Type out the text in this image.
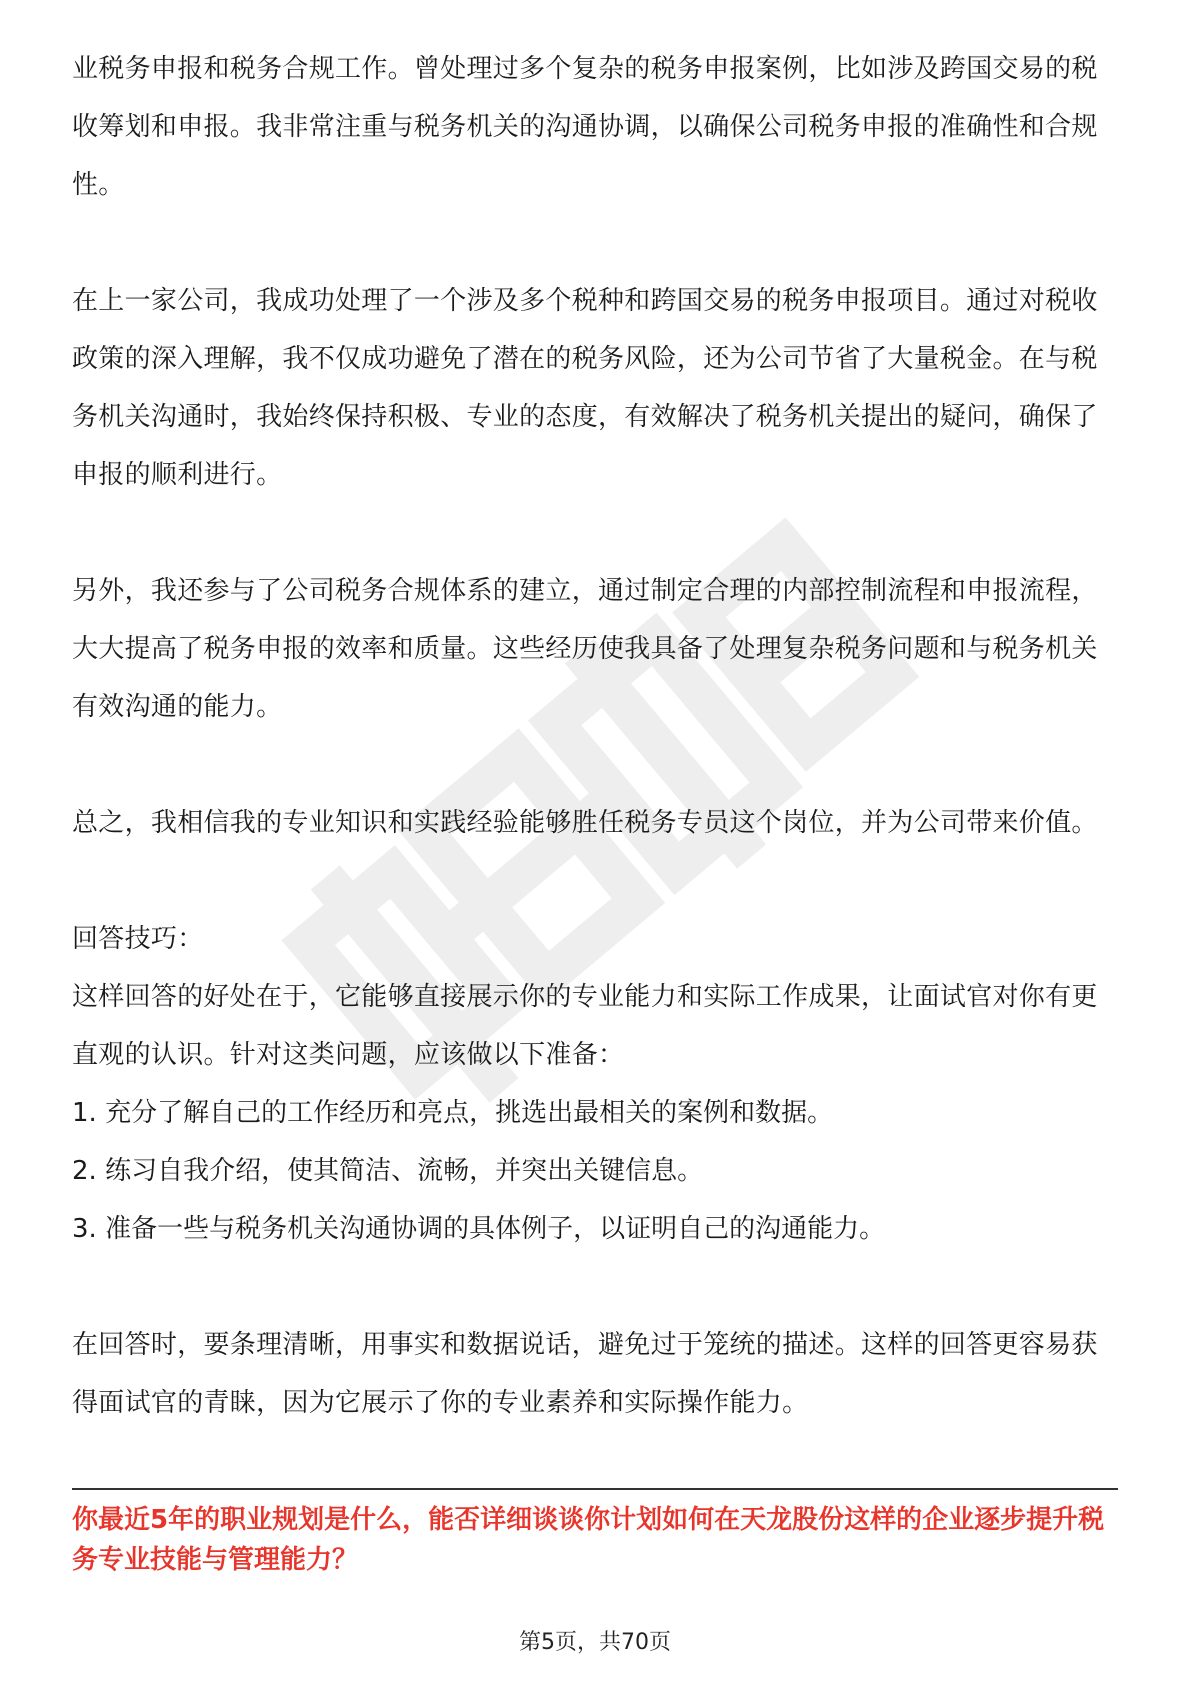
业税务申报和税务合规工作。曾处理过多个复杂的税务申报案例，比如涉及跨国交易的税收筹划和申报。我非常注重与税务机关的沟通协调，以确保公司税务申报的准确性和合规性。

在上一家公司，我成功处理了一个涉及多个税种和跨国交易的税务申报项目。通过对税收政策的深入理解，我不仅成功避免了潜在的税务风险，还为公司节省了大量税金。在与税务机关沟通时，我始终保持积极、专业的态度，有效解决了税务机关提出的疑问，确保了申报的顺利进行。

另外，我还参与了公司税务合规体系的建立，通过制定合理的内部控制流程和申报流程，大大提高了税务申报的效率和质量。这些经历使我具备了处理复杂税务问题和与税务机关有效沟通的能力。

总之，我相信我的专业知识和实践经验能够胜任税务专员这个岗位，并为公司带来价值。

回答技巧：

这样回答的好处在于，它能够直接展示你的专业能力和实际工作成果，让面试官对你有更直观的认识。针对这类问题，应该做以下准备：

1. 充分了解自己的工作经历和亮点，挑选出最相关的案例和数据。

2. 练习自我介绍，使其简洁、流畅，并突出关键信息。

3. 准备一些与税务机关沟通协调的具体例子，以证明自己的沟通能力。

在回答时，要条理清晰，用事实和数据说话，避免过于笼统的描述。这样的回答更容易获得面试官的青睐，因为它展示了你的专业素养和实际操作能力。

你最近5年的职业规划是什么，能否详细谈谈你计划如何在天龙股份这样的企业逐步提升税务专业技能与管理能力？

第5页，共70页
